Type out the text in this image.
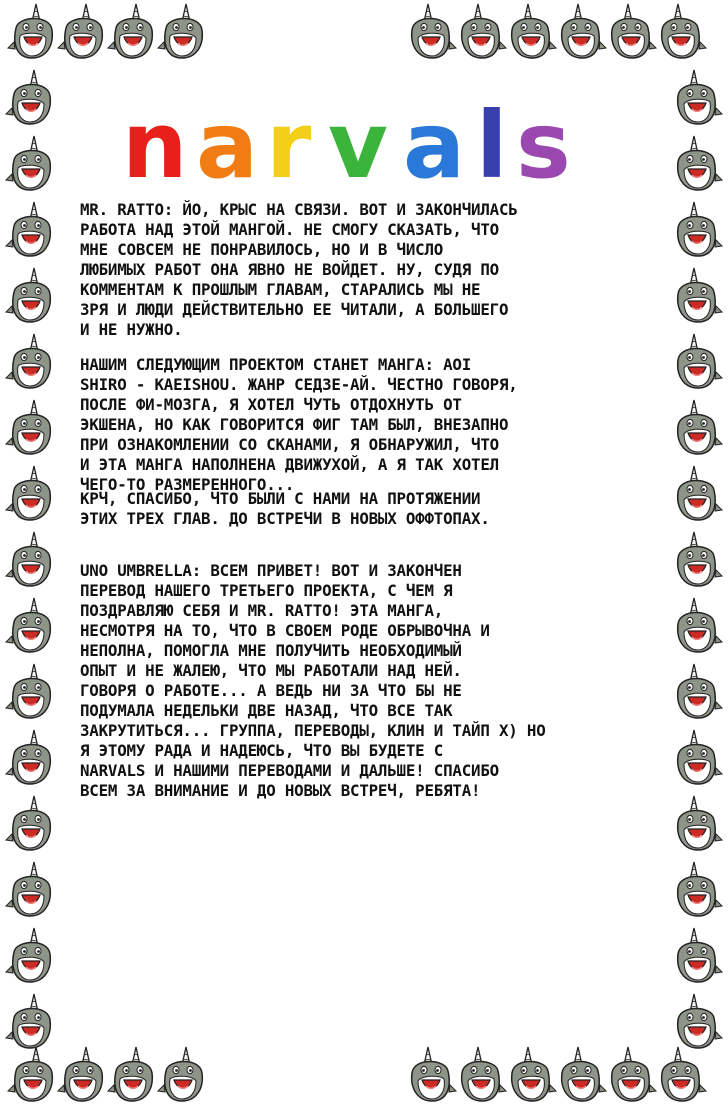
n a r v a l s

MR. RATTO: ЙО, КРЫС НА СВЯЗИ. ВОТ И ЗАКОНЧИЛАСЬ
РАБОТА НАД ЭТОЙ МАНГОЙ. НЕ СМОГУ СКАЗАТЬ, ЧТО
МНЕ СОВСЕМ НЕ ПОНРАВИЛОСЬ, НО И В ЧИСЛО
ЛЮБИМЫХ РАБОТ ОНА ЯВНО НЕ ВОЙДЕТ. НУ, СУДЯ ПО
КОММЕНТАМ К ПРОШЛЫМ ГЛАВАМ, СТАРАЛИСЬ МЫ НЕ
ЗРЯ И ЛЮДИ ДЕЙСТВИТЕЛЬНО ЕЕ ЧИТАЛИ, А БОЛЬШЕГО
И НЕ НУЖНО.

НАШИМ СЛЕДУЮЩИМ ПРОЕКТОМ СТАНЕТ МАНГА: AOI
SHIRO - KAEISHOU. ЖАНР СЕДЗЕ-АЙ. ЧЕСТНО ГОВОРЯ,
ПОСЛЕ ФИ-МОЗГА, Я ХОТЕЛ ЧУТЬ ОТДОХНУТЬ ОТ
ЭКШЕНА, НО КАК ГОВОРИТСЯ ФИГ ТАМ БЫЛ, ВНЕЗАПНО
ПРИ ОЗНАКОМЛЕНИИ СО СКАНАМИ, Я ОБНАРУЖИЛ, ЧТО
И ЭТА МАНГА НАПОЛНЕНА ДВИЖУХОЙ, А Я ТАК ХОТЕЛ
ЧЕГО-ТО РАЗМЕРЕННОГО...

КРЧ, СПАСИБО, ЧТО БЫЛИ С НАМИ НА ПРОТЯЖЕНИИ
ЭТИХ ТРЕХ ГЛАВ. ДО ВСТРЕЧИ В НОВЫХ ОФФТОПАХ.

UNO UMBRELLA: ВСЕМ ПРИВЕТ! ВОТ И ЗАКОНЧЕН
ПЕРЕВОД НАШЕГО ТРЕТЬЕГО ПРОЕКТА, С ЧЕМ Я
ПОЗДРАВЛЯЮ СЕБЯ И MR. RATTO! ЭТА МАНГА,
НЕСМОТРЯ НА ТО, ЧТО В СВОЕМ РОДЕ ОБРЫВОЧНА И
НЕПОЛНА, ПОМОГЛА МНЕ ПОЛУЧИТЬ НЕОБХОДИМЫЙ
ОПЫТ И НЕ ЖАЛЕЮ, ЧТО МЫ РАБОТАЛИ НАД НЕЙ.
ГОВОРЯ О РАБОТЕ... А ВЕДЬ НИ ЗА ЧТО БЫ НЕ
ПОДУМАЛА НЕДЕЛЬКИ ДВЕ НАЗАД, ЧТО ВСЕ ТАК
ЗАКРУТИТЬСЯ... ГРУППА, ПЕРЕВОДЫ, КЛИН И ТАЙП Х) НО
Я ЭТОМУ РАДА И НАДЕЮСЬ, ЧТО ВЫ БУДЕТЕ С
NARVALS И НАШИМИ ПЕРЕВОДАМИ И ДАЛЬШЕ! СПАСИБО
ВСЕМ ЗА ВНИМАНИЕ И ДО НОВЫХ ВСТРЕЧ, РЕБЯТА!
